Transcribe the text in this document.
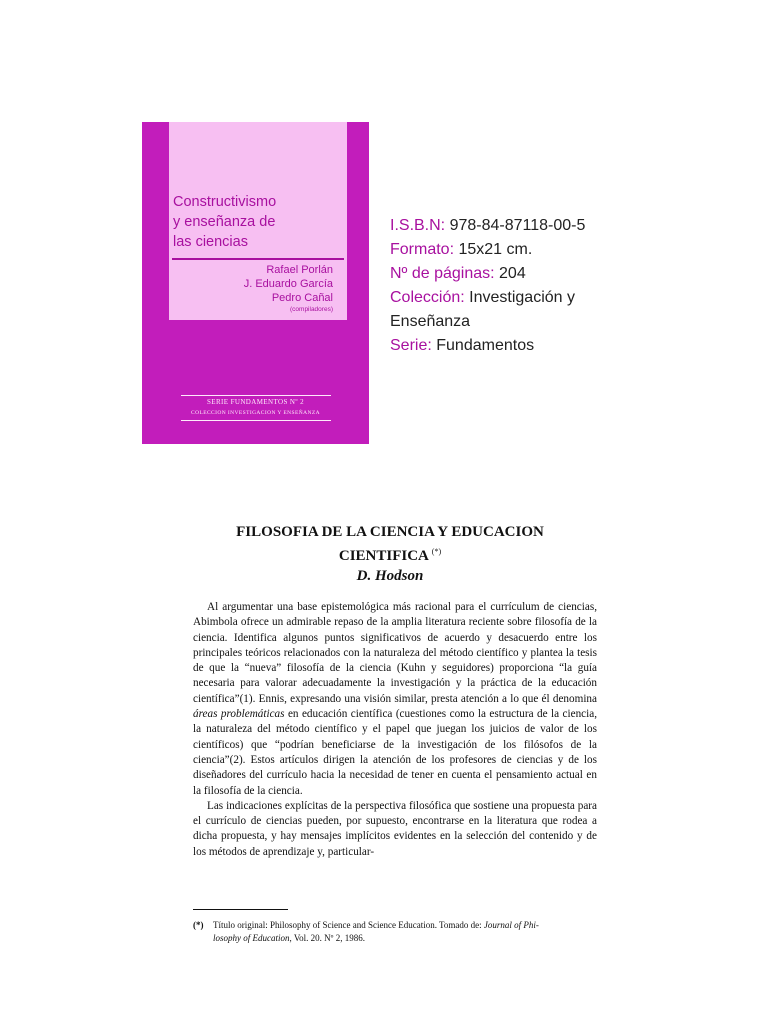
Constructivismo
y enseñanza de
las ciencias
Rafael Porlán
J. Eduardo García
Pedro Cañal
(compiladores)
SERIE FUNDAMENTOS Nº 2
COLECCION INVESTIGACION Y ENSEÑANZA
I.S.B.N: 978-84-87118-00-5
Formato: 15x21 cm.
Nº de páginas: 204
Colección: Investigación y
Enseñanza
Serie: Fundamentos
FILOSOFIA DE LA CIENCIA Y EDUCACION
CIENTIFICA (*)
D. Hodson

Al argumentar una base epistemológica más racional para el currículum de ciencias, Abimbola ofrece un admirable repaso de la amplia literatura reciente sobre filosofía de la ciencia. Identifica algunos puntos significativos de acuerdo y desacuerdo entre los principales teóricos relacionados con la naturaleza del método científico y plantea la tesis de que la “nueva” filosofía de la ciencia (Kuhn y seguidores) proporciona “la guía necesaria para valorar adecuadamente la investigación y la práctica de la educación científica”(1). Ennis, expresando una visión similar, presta atención a lo que él denomina áreas problemáticas en educación científica (cuestiones como la estructura de la ciencia, la naturaleza del método científico y el papel que juegan los juicios de valor de los científicos) que “podrían beneficiarse de la investigación de los filósofos de la ciencia”(2). Estos artículos dirigen la atención de los profesores de ciencias y de los diseñadores del currículo hacia la necesidad de tener en cuenta el pensamiento actual en la filosofía de la ciencia.

Las indicaciones explícitas de la perspectiva filosófica que sostiene una propuesta para el currículo de ciencias pueden, por supuesto, encontrarse en la literatura que rodea a dicha propuesta, y hay mensajes implícitos evidentes en la selección del contenido y de los métodos de aprendizaje y, particular-

(*) Título original: Philosophy of Science and Science Education. Tomado de: Journal of Phi-
losophy of Education, Vol. 20. Nº 2, 1986.
